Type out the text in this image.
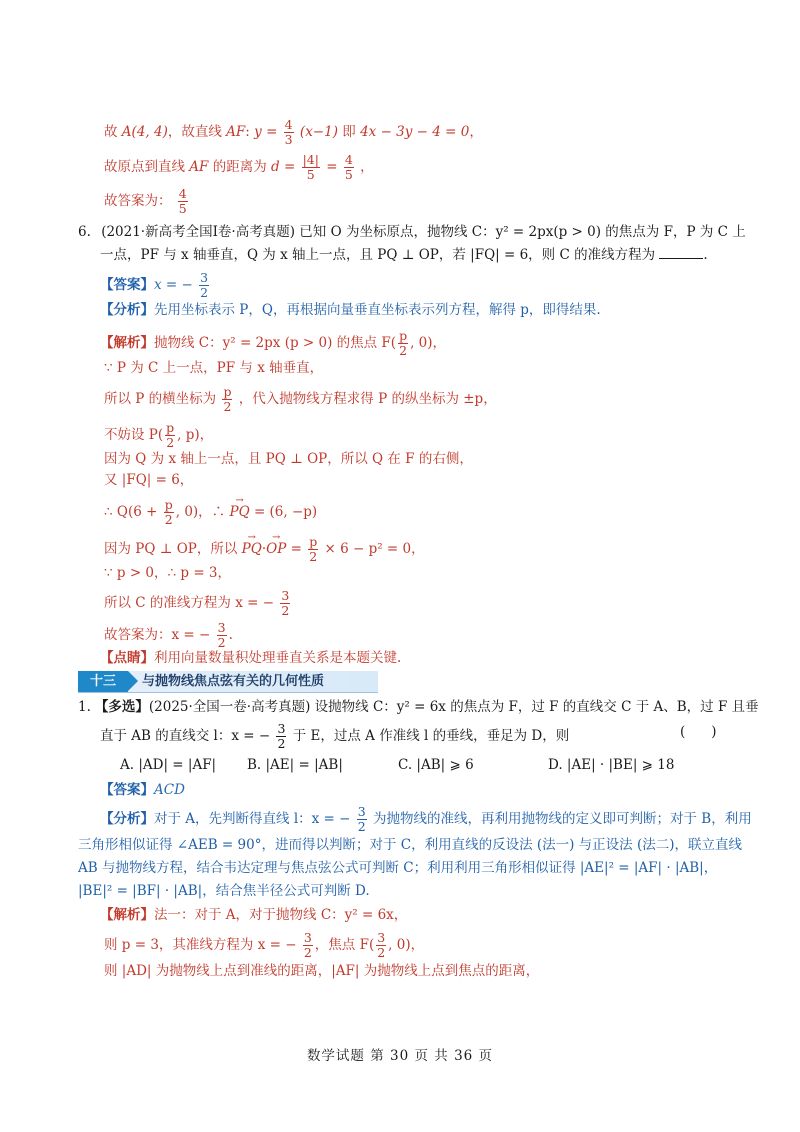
故 A(4, 4)，故直线 AF: $y = \frac{4}{3} (x-1)$ 即 4x − 3y − 4 = 0，
故原点到直线 AF 的距离为 $d = \frac{|4|}{5} = \frac{4}{5}$ ，
故答案为： $\frac{4}{5}$
6. (2021·新高考全国Ⅰ卷·高考真题) 已知 O 为坐标原点，抛物线 C：y² = 2px(p > 0) 的焦点为 F，P 为 C 上
一点，PF 与 x 轴垂直，Q 为 x 轴上一点，且 PQ ⊥ OP，若 |FQ| = 6，则 C 的准线方程为	.
【答案】x = − $\frac{3}{2}$
【分析】先用坐标表示 P，Q，再根据向量垂直坐标表示列方程，解得 p，即得结果.
【解析】抛物线 C：y² = 2px (p > 0) 的焦点 $F( \frac{p}{2}$ , 0)，
∵ P 为 C 上一点，PF 与 x 轴垂直，
所以 P 的横坐标为 $\frac{p}{2}$ ，代入抛物线方程求得 P 的纵坐标为 ±p，
不妨设 $P( \frac{p}{2}$ , p)，
因为 Q 为 x 轴上一点，且 PQ ⊥ OP，所以 Q 在 F 的右侧，
又 |FQ| = 6，
∴ $Q(6 + \frac{p}{2}$ , 0)，∴ → PQ = (6, −p)
因为 PQ ⊥ OP，所以 → PQ·→ OP = $\frac{p}{2} \times 6 - p^2 = 0$，
∵ p > 0，∴ p = 3，
所以 C 的准线方程为 x = − $\frac{3}{2}$
故答案为：x = − $\frac{3}{2}$ .
【点睛】利用向量数量积处理垂直关系是本题关键.
十三	与抛物线焦点弦有关的几何性质
1. 【多选】(2025·全国一卷·高考真题) 设抛物线 C：y² = 6x 的焦点为 F，过 F 的直线交 C 于 A、B，过 F 且垂
直于 AB 的直线交 l：x = − $\frac{3}{2}$ 于 E，过点 A 作准线 l 的垂线，垂足为 D，则	( )
A. |AD| = |AF| B. |AE| = |AB|	C. |AB| ⩾ 6	D. |AE| · |BE| ⩾ 18
【答案】ACD
【分析】对于 A，先判断得直线 l：x = − $\frac{3}{2}$ 为抛物线的准线，再利用抛物线的定义即可判断；对于 B，利用
三角形相似证得 ∠AEB = 90°，进而得以判断；对于 C，利用直线的反设法 (法一) 与正设法 (法二)，联立直线
AB 与抛物线方程，结合韦达定理与焦点弦公式可判断 C；利用利用三角形相似证得 |AE|² = |AF| · |AB|，
|BE|² = |BF| · |AB|，结合焦半径公式可判断 D.
【解析】法一：对于 A，对于抛物线 C：y² = 6x，
则 p = 3，其准线方程为 x = − $\frac{3}{2}$ ，焦点 $F( \frac{3}{2}$ , 0)，
则 |AD| 为抛物线上点到准线的距离，|AF| 为抛物线上点到焦点的距离，
数学试题 第 30 页 共 36 页
